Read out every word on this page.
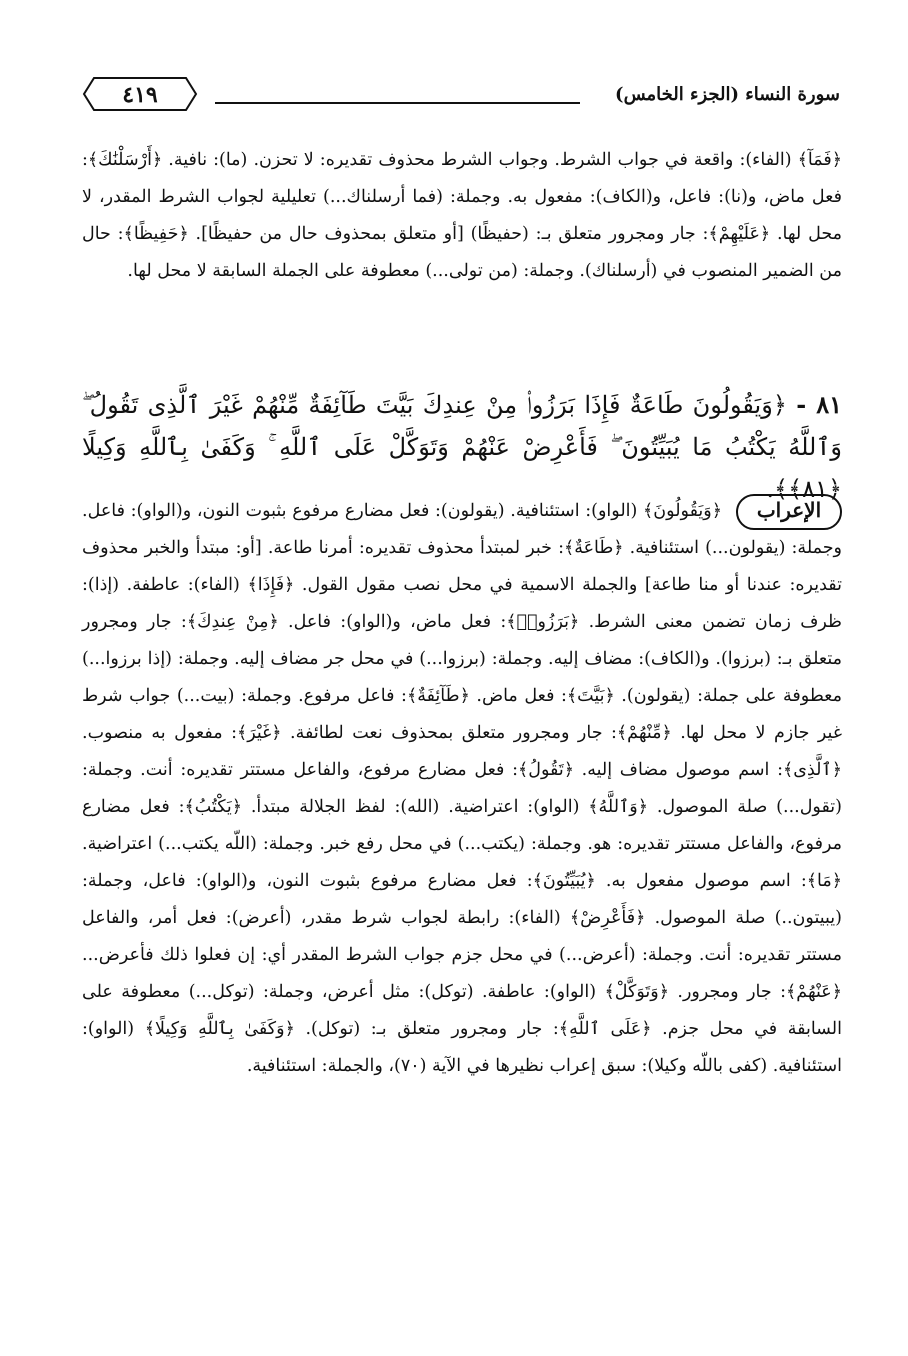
سورة النساء (الجزء الخامس)
٤١٩
﴿فَمَآ﴾ (الفاء): واقعة في جواب الشرط. وجواب الشرط محذوف تقديره: لا تحزن. (ما): نافية. ﴿أَرْسَلْنَٰكَ﴾: فعل ماض، و(نا): فاعل، و(الكاف): مفعول به. وجملة: (فما أرسلناك...) تعليلية لجواب الشرط المقدر، لا محل لها. ﴿عَلَيْهِمْ﴾: جار ومجرور متعلق بـ: (حفيظًا) [أو متعلق بمحذوف حال من حفيظًا]. ﴿حَفِيظًا﴾: حال من الضمير المنصوب في (أرسلناك). وجملة: (من تولى...) معطوفة على الجملة السابقة لا محل لها.
٨١ - ﴿وَيَقُولُونَ طَاعَةٌ فَإِذَا بَرَزُوا۟ مِنْ عِندِكَ بَيَّتَ طَآئِفَةٌ مِّنْهُمْ غَيْرَ ٱلَّذِى تَقُولُ ۖ وَٱللَّهُ يَكْتُبُ مَا يُبَيِّتُونَ ۖ فَأَعْرِضْ عَنْهُمْ وَتَوَكَّلْ عَلَى ٱللَّهِ ۚ وَكَفَىٰ بِٱللَّهِ وَكِيلًا ﴿٨١﴾﴾.
الإعراب

﴿وَيَقُولُونَ﴾ (الواو): استئنافية. (يقولون): فعل مضارع مرفوع بثبوت النون، و(الواو): فاعل. وجملة: (يقولون...) استئنافية. ﴿طَاعَةٌ﴾: خبر لمبتدأ محذوف تقديره: أمرنا طاعة. [أو: مبتدأ والخبر محذوف تقديره: عندنا أو منا طاعة] والجملة الاسمية في محل نصب مقول القول. ﴿فَإِذَا﴾ (الفاء): عاطفة. (إذا): ظرف زمان تضمن معنى الشرط. ﴿بَرَزُوا۟﴾: فعل ماض، و(الواو): فاعل. ﴿مِنْ عِندِكَ﴾: جار ومجرور متعلق بـ: (برزوا). و(الكاف): مضاف إليه. وجملة: (برزوا...) في محل جر مضاف إليه. وجملة: (إذا برزوا...) معطوفة على جملة: (يقولون). ﴿بَيَّتَ﴾: فعل ماض. ﴿طَآئِفَةٌ﴾: فاعل مرفوع. وجملة: (بيت...) جواب شرط غير جازم لا محل لها. ﴿مِّنْهُمْ﴾: جار ومجرور متعلق بمحذوف نعت لطائفة. ﴿غَيْرَ﴾: مفعول به منصوب. ﴿ٱلَّذِى﴾: اسم موصول مضاف إليه. ﴿تَقُولُ﴾: فعل مضارع مرفوع، والفاعل مستتر تقديره: أنت. وجملة: (تقول...) صلة الموصول. ﴿وَٱللَّهُ﴾ (الواو): اعتراضية. (الله): لفظ الجلالة مبتدأ. ﴿يَكْتُبُ﴾: فعل مضارع مرفوع، والفاعل مستتر تقديره: هو. وجملة: (يكتب...) في محل رفع خبر. وجملة: (اللّه يكتب...) اعتراضية. ﴿مَا﴾: اسم موصول مفعول به. ﴿يُبَيِّتُونَ﴾: فعل مضارع مرفوع بثبوت النون، و(الواو): فاعل، وجملة: (يبيتون..) صلة الموصول. ﴿فَأَعْرِضْ﴾ (الفاء): رابطة لجواب شرط مقدر، (أعرض): فعل أمر، والفاعل مستتر تقديره: أنت. وجملة: (أعرض...) في محل جزم جواب الشرط المقدر أي: إن فعلوا ذلك فأعرض... ﴿عَنْهُمْ﴾: جار ومجرور. ﴿وَتَوَكَّلْ﴾ (الواو): عاطفة. (توكل): مثل أعرض، وجملة: (توكل...) معطوفة على السابقة في محل جزم. ﴿عَلَى ٱللَّهِ﴾: جار ومجرور متعلق بـ: (توكل). ﴿وَكَفَىٰ بِٱللَّهِ وَكِيلًا﴾ (الواو): استئنافية. (كفى باللّه وكيلا): سبق إعراب نظيرها في الآية (٧٠)، والجملة: استئنافية.
